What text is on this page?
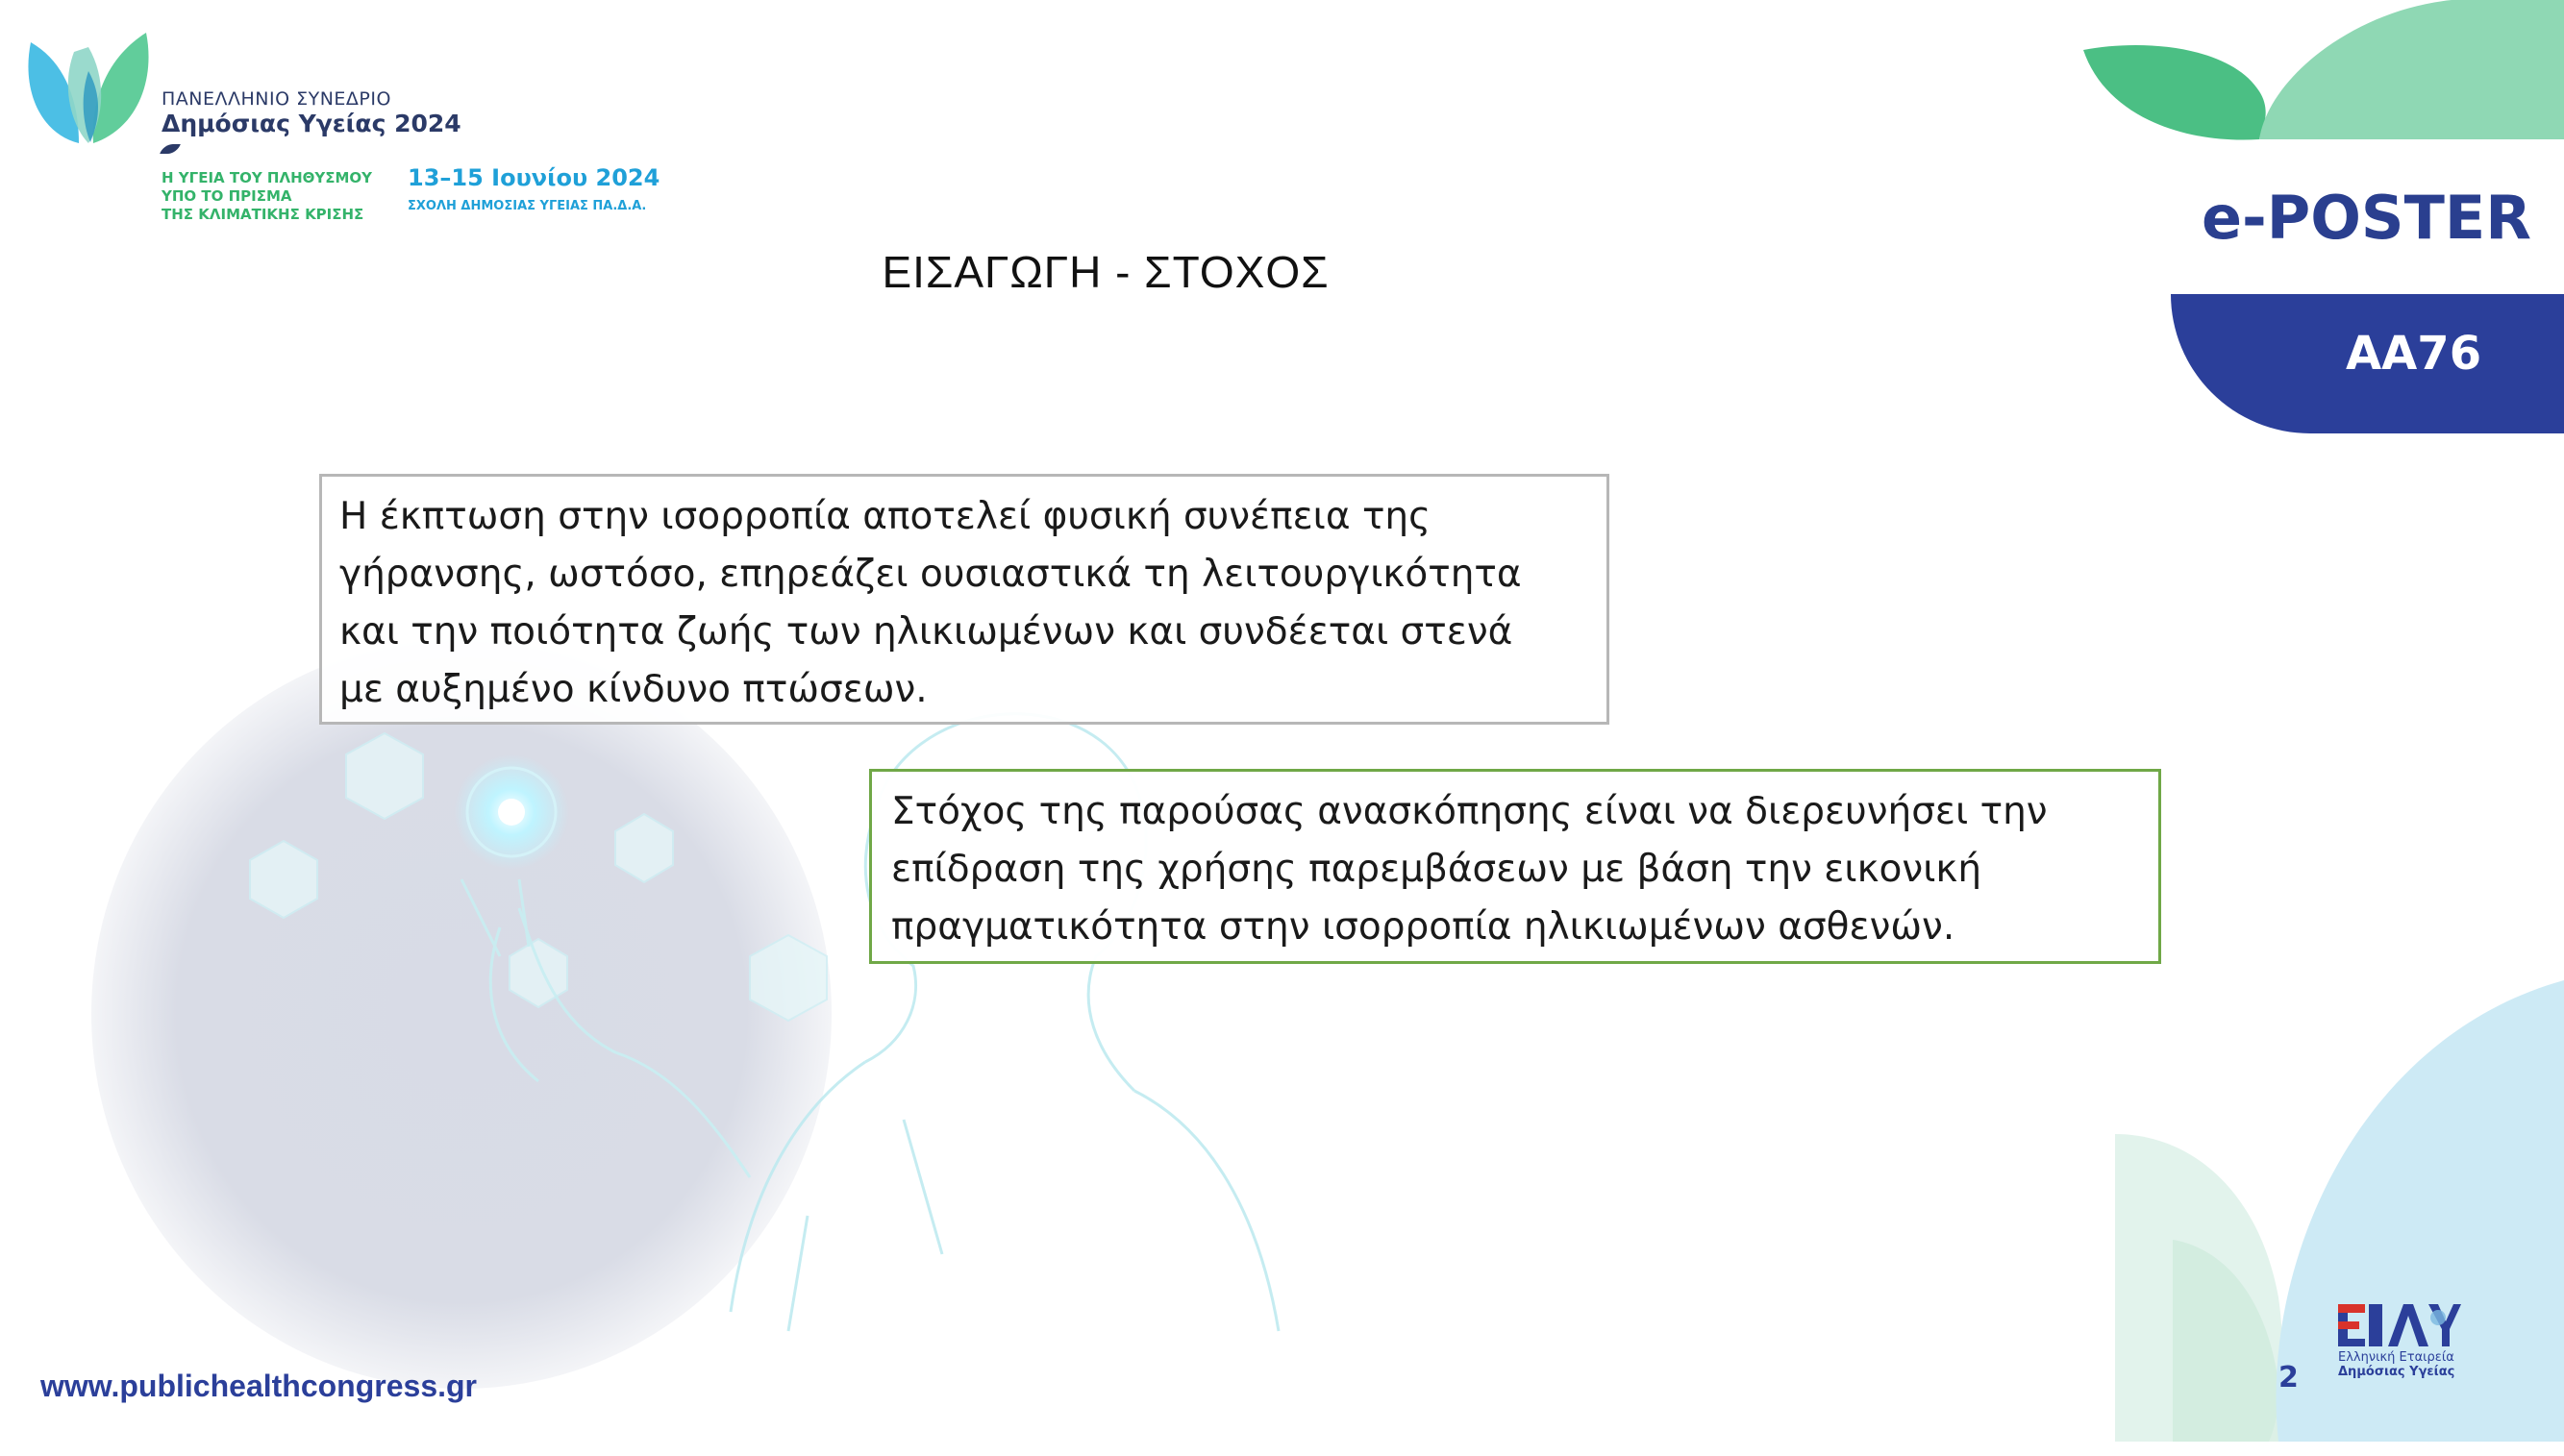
ΠΑΝΕΛΛΗΝΙΟ ΣΥΝΕΔΡΙΟ
Δημόσιας Υγείας 2024
Η ΥΓΕΙΑ ΤΟΥ ΠΛΗΘΥΣΜΟΥ
ΥΠΟ ΤΟ ΠΡΙΣΜΑ
ΤΗΣ ΚΛΙΜΑΤΙΚΗΣ ΚΡΙΣΗΣ
13–15 Ιουνίου 2024
ΣΧΟΛΗ ΔΗΜΟΣΙΑΣ ΥΓΕΙΑΣ ΠΑ.Δ.Α.
ΕΙΣΑΓΩΓΗ - ΣΤΟΧΟΣ
e-POSTER
AA76
Η έκπτωση στην ισορροπία αποτελεί φυσική συνέπεια της
γήρανσης, ωστόσο, επηρεάζει ουσιαστικά τη λειτουργικότητα
και την ποιότητα ζωής των ηλικιωμένων και συνδέεται στενά
με αυξημένο κίνδυνο πτώσεων.
Στόχος της παρούσας ανασκόπησης είναι να διερευνήσει την
επίδραση της χρήσης παρεμβάσεων με βάση την εικονική
πραγματικότητα στην ισορροπία ηλικιωμένων ασθενών.
Ελληνική Εταιρεία
Δημόσιας Υγείας
www.publichealthcongress.gr	2
